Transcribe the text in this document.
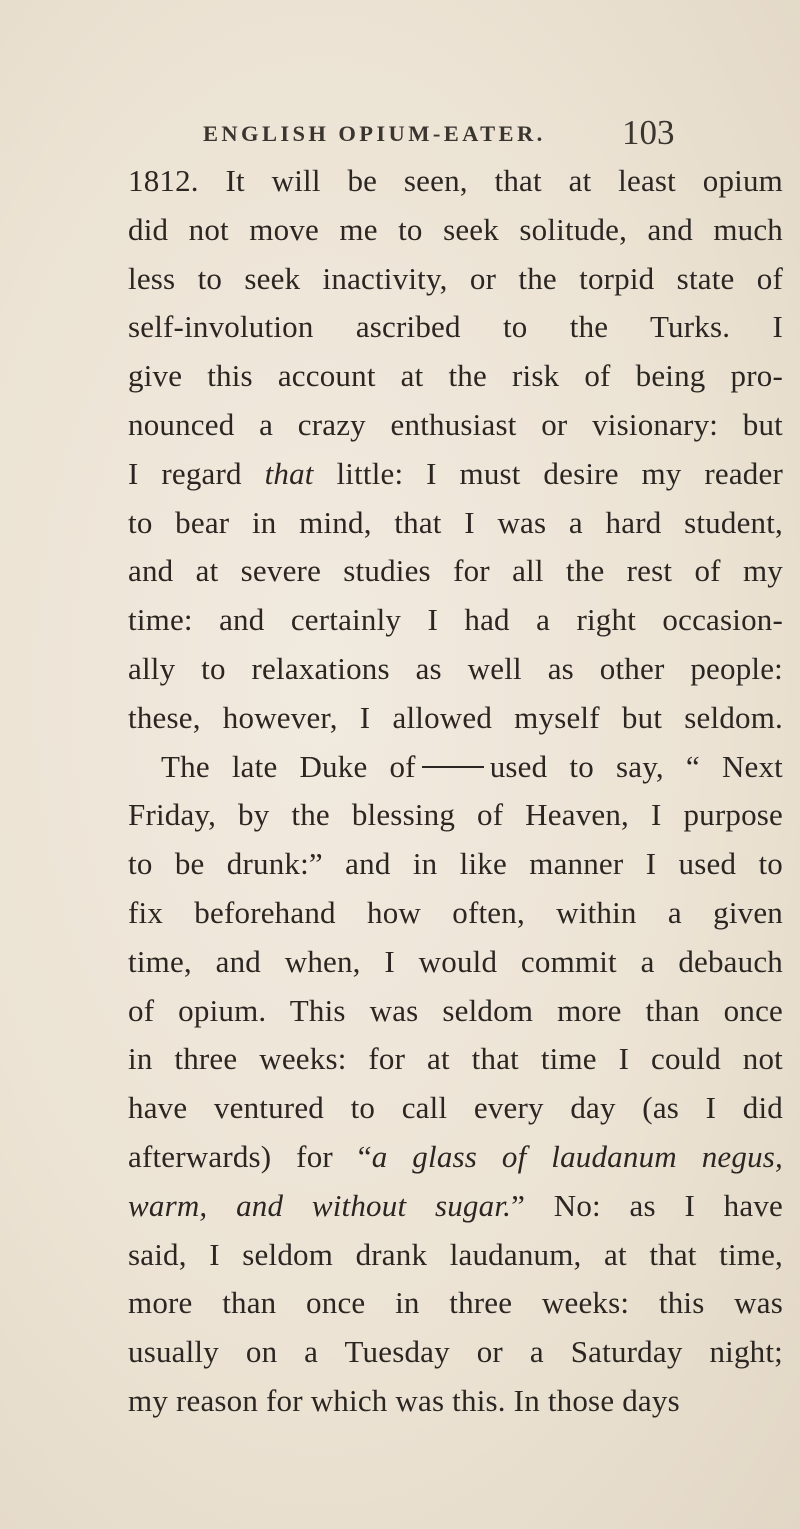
ENGLISH OPIUM-EATER. 103
1812. It will be seen, that at least opium
did not move me to seek solitude, and much
less to seek inactivity, or the torpid state of
self-involution ascribed to the Turks. I
give this account at the risk of being pro-
nounced a crazy enthusiast or visionary: but
I regard that little: I must desire my reader
to bear in mind, that I was a hard student,
and at severe studies for all the rest of my
time: and certainly I had a right occasion-
ally to relaxations as well as other people:
these, however, I allowed myself but seldom.
The late Duke of used to say, “ Next
Friday, by the blessing of Heaven, I purpose
to be drunk:” and in like manner I used to
fix beforehand how often, within a given
time, and when, I would commit a debauch
of opium. This was seldom more than once
in three weeks: for at that time I could not
have ventured to call every day (as I did
afterwards) for “a glass of laudanum negus,
warm, and without sugar.” No: as I have
said, I seldom drank laudanum, at that time,
more than once in three weeks: this was
usually on a Tuesday or a Saturday night;
my reason for which was this. In those days
